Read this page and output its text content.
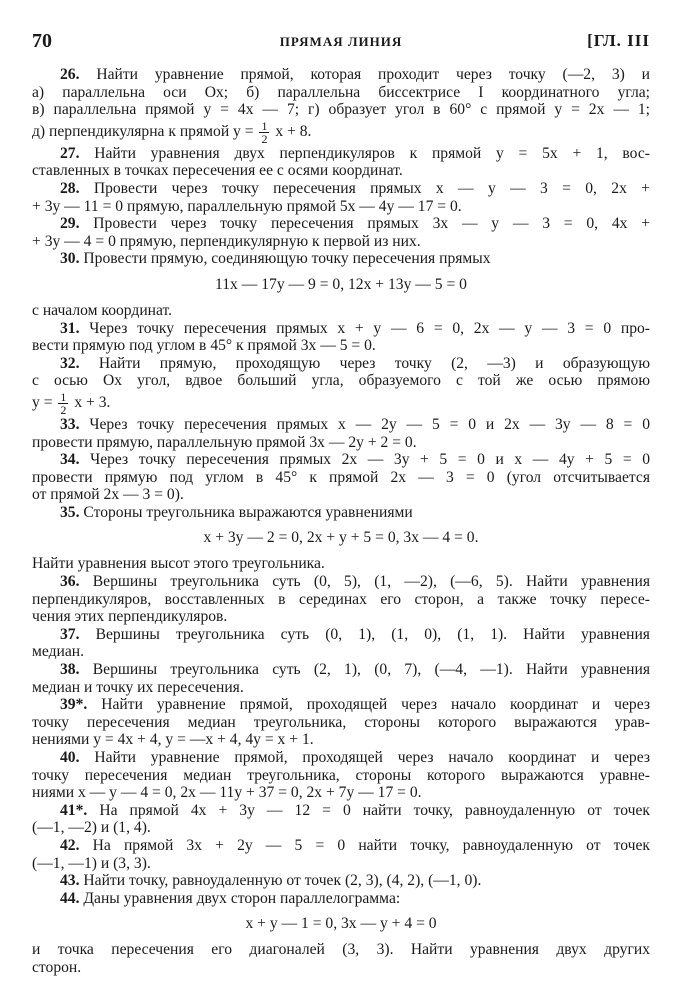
70	ПРЯМАЯ ЛИНИЯ	[ГЛ. III
26. Найти уравнение прямой, которая проходит через точку (—2, 3) и
а) параллельна оси Ox; б) параллельна биссектрисе I координатного угла;
в) параллельна прямой y = 4x — 7; г) образует угол в 60° с прямой y = 2x — 1;
д) перпендикулярна к прямой $y = \frac{1}{2}$ x + 8.
27. Найти уравнения двух перпендикуляров к прямой y = 5x + 1, вос-
ставленных в точках пересечения ее с осями координат.
28. Провести через точку пересечения прямых x — y — 3 = 0, 2x +
+ 3y — 11 = 0 прямую, параллельную прямой 5x — 4y — 17 = 0.
29. Провести через точку пересечения прямых 3x — y — 3 = 0, 4x +
+ 3y — 4 = 0 прямую, перпендикулярную к первой из них.
30. Провести прямую, соединяющую точку пересечения прямых
11x — 17y — 9 = 0, 12x + 13y — 5 = 0
с началом координат.
31. Через точку пересечения прямых x + y — 6 = 0, 2x — y — 3 = 0 про-
вести прямую под углом в 45° к прямой 3x — 5 = 0.
32. Найти прямую, проходящую через точку (2, —3) и образующую
с осью Ox угол, вдвое больший угла, образуемого с той же осью прямою
$y = \frac{1}{2}$ x + 3.
33. Через точку пересечения прямых x — 2y — 5 = 0 и 2x — 3y — 8 = 0
провести прямую, параллельную прямой 3x — 2y + 2 = 0.
34. Через точку пересечения прямых 2x — 3y + 5 = 0 и x — 4y + 5 = 0
провести прямую под углом в 45° к прямой 2x — 3 = 0 (угол отсчитывается
от прямой 2x — 3 = 0).
35. Стороны треугольника выражаются уравнениями
x + 3y — 2 = 0, 2x + y + 5 = 0, 3x — 4 = 0.
Найти уравнения высот этого треугольника.
36. Вершины треугольника суть (0, 5), (1, —2), (—6, 5). Найти уравнения
перпендикуляров, восставленных в серединах его сторон, а также точку пересе-
чения этих перпендикуляров.
37. Вершины треугольника суть (0, 1), (1, 0), (1, 1). Найти уравнения
медиан.
38. Вершины треугольника суть (2, 1), (0, 7), (—4, —1). Найти уравнения
медиан и точку их пересечения.
39*. Найти уравнение прямой, проходящей через начало координат и через
точку пересечения медиан треугольника, стороны которого выражаются урав-
нениями y = 4x + 4, y = —x + 4, 4y = x + 1.
40. Найти уравнение прямой, проходящей через начало координат и через
точку пересечения медиан треугольника, стороны которого выражаются уравне-
ниями x — y — 4 = 0, 2x — 11y + 37 = 0, 2x + 7y — 17 = 0.
41*. На прямой 4x + 3y — 12 = 0 найти точку, равноудаленную от точек
(—1, —2) и (1, 4).
42. На прямой 3x + 2y — 5 = 0 найти точку, равноудаленную от точек
(—1, —1) и (3, 3).
43. Найти точку, равноудаленную от точек (2, 3), (4, 2), (—1, 0).
44. Даны уравнения двух сторон параллелограмма:
x + y — 1 = 0, 3x — y + 4 = 0
и точка пересечения его диагоналей (3, 3). Найти уравнения двух других
сторон.
